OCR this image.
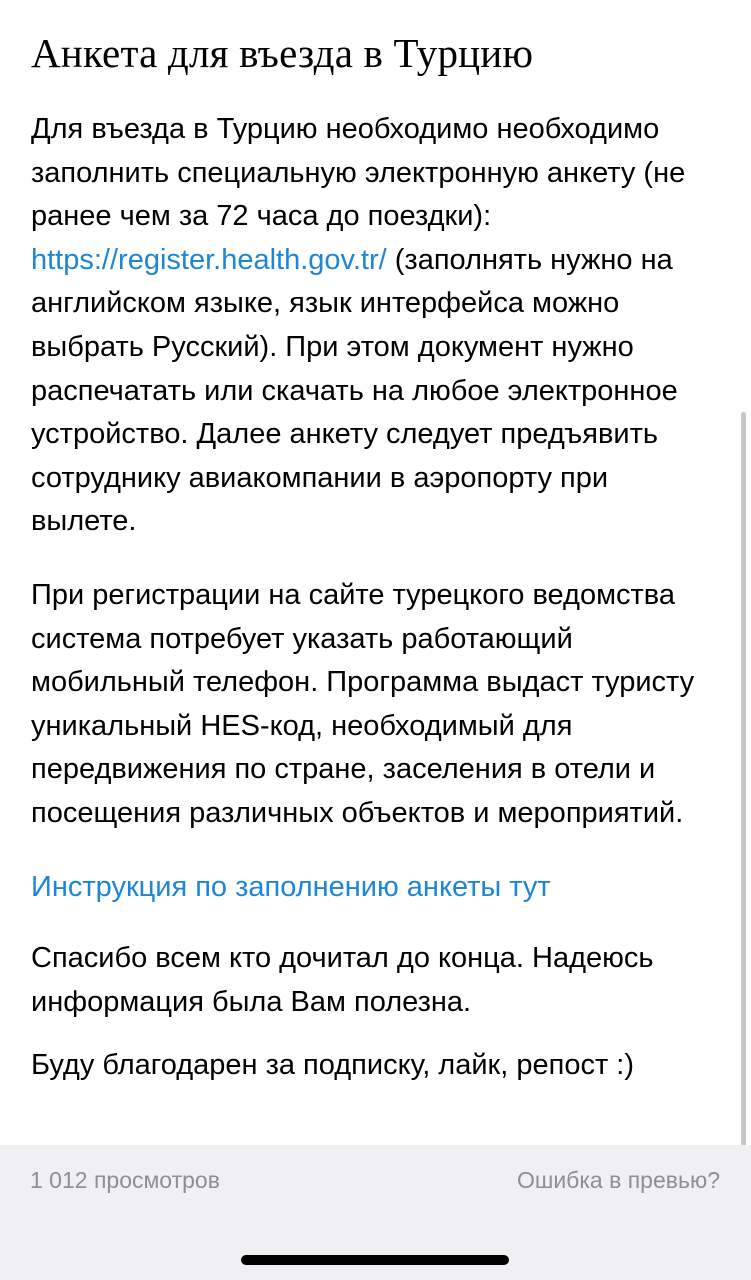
Анкета для въезда в Турцию

Для въезда в Турцию необходимо необходимо заполнить специальную электронную анкету (не ранее чем за 72 часа до поездки): https://register.health.gov.tr/ (заполнять нужно на английском языке, язык интерфейса можно выбрать Русский). При этом документ нужно распечатать или скачать на любое электронное устройство. Далее анкету следует предъявить сотруднику авиакомпании в аэропорту при вылете.

При регистрации на сайте турецкого ведомства система потребует указать работающий мобильный телефон. Программа выдаст туристу уникальный HES-код, необходимый для передвижения по стране, заселения в отели и посещения различных объектов и мероприятий.

Инструкция по заполнению анкеты тут

Спасибо всем кто дочитал до конца. Надеюсь информация была Вам полезна.

Буду благодарен за подписку, лайк, репост :)

1 012 просмотров	Ошибка в превью?
